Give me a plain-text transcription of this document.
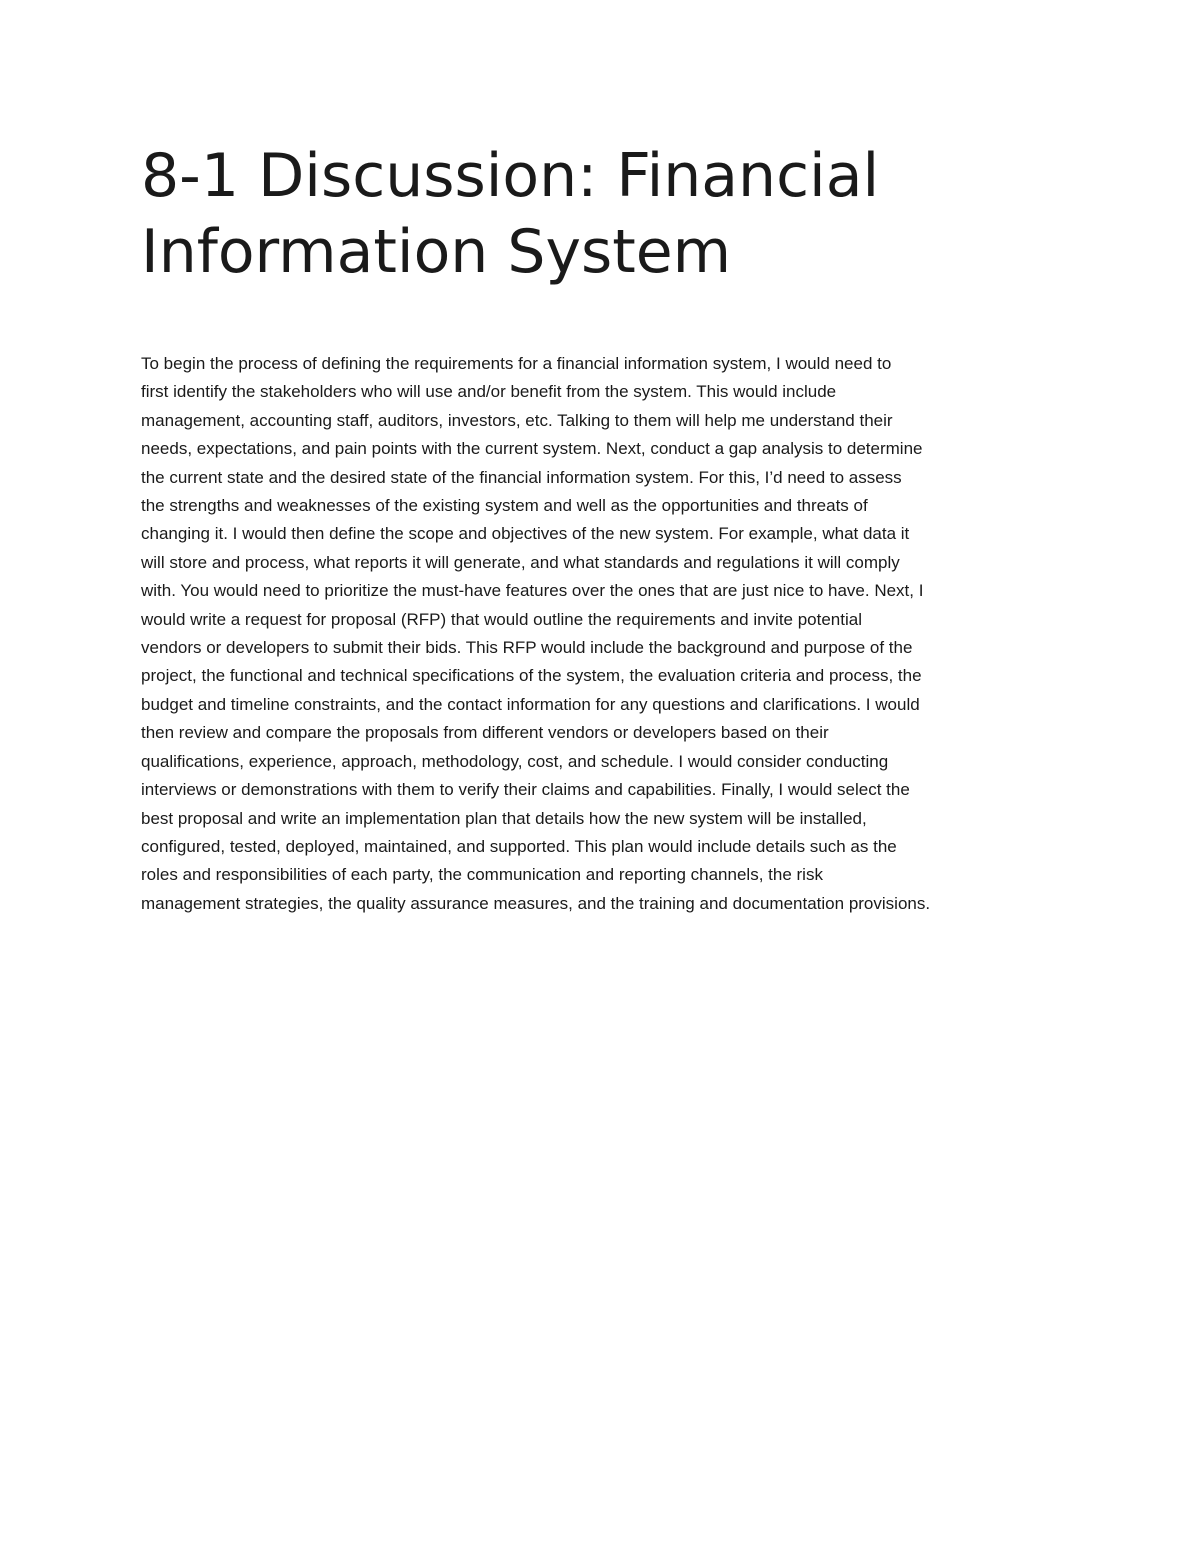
8-1 Discussion: Financial
Information System

To begin the process of defining the requirements for a financial information system, I would need to
first identify the stakeholders who will use and/or benefit from the system. This would include
management, accounting staff, auditors, investors, etc. Talking to them will help me understand their
needs, expectations, and pain points with the current system. Next, conduct a gap analysis to determine
the current state and the desired state of the financial information system. For this, I’d need to assess
the strengths and weaknesses of the existing system and well as the opportunities and threats of
changing it. I would then define the scope and objectives of the new system. For example, what data it
will store and process, what reports it will generate, and what standards and regulations it will comply
with. You would need to prioritize the must-have features over the ones that are just nice to have. Next, I
would write a request for proposal (RFP) that would outline the requirements and invite potential
vendors or developers to submit their bids. This RFP would include the background and purpose of the
project, the functional and technical specifications of the system, the evaluation criteria and process, the
budget and timeline constraints, and the contact information for any questions and clarifications. I would
then review and compare the proposals from different vendors or developers based on their
qualifications, experience, approach, methodology, cost, and schedule. I would consider conducting
interviews or demonstrations with them to verify their claims and capabilities. Finally, I would select the
best proposal and write an implementation plan that details how the new system will be installed,
configured, tested, deployed, maintained, and supported. This plan would include details such as the
roles and responsibilities of each party, the communication and reporting channels, the risk
management strategies, the quality assurance measures, and the training and documentation provisions.
